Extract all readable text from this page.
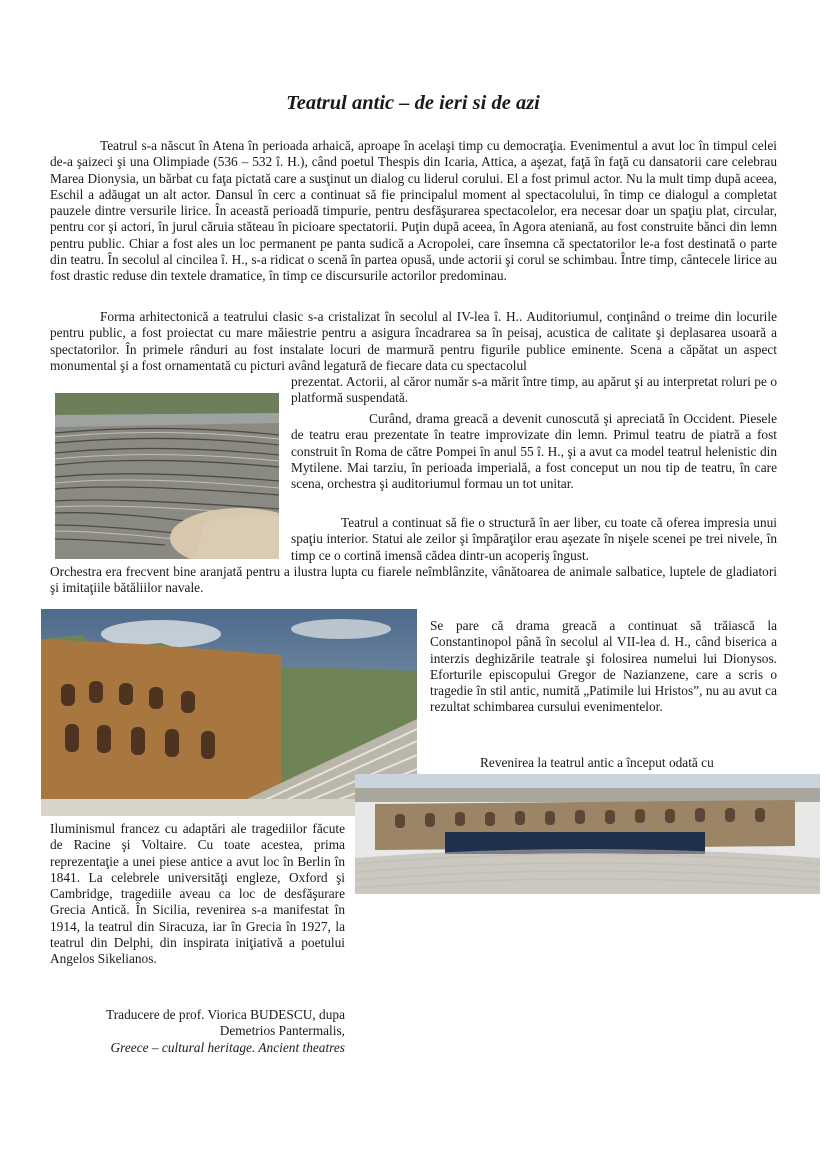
Teatrul antic – de ieri si de azi

Teatrul s-a născut în Atena în perioada arhaică, aproape în acelaşi timp cu democraţia. Evenimentul a avut loc în timpul celei de-a şaizeci şi una Olimpiade (536 – 532 î. H.), când poetul Thespis din Icaria, Attica, a aşezat, faţă în faţă cu dansatorii care celebrau Marea Dionysia, un bărbat cu faţa pictată care a susţinut un dialog cu liderul corului. El a fost primul actor. Nu la mult timp după aceea, Eschil a adăugat un alt actor. Dansul în cerc a continuat să fie principalul moment al spectacolului, în timp ce dialogul a completat pauzele dintre versurile lirice. În această perioadă timpurie, pentru desfăşurarea spectacolelor, era necesar doar un spaţiu plat, circular, pentru cor şi actori, în jurul căruia stăteau în picioare spectatorii. Puţin după aceea, în Agora ateniană, au fost construite bănci din lemn pentru public. Chiar a fost ales un loc permanent pe panta sudică a Acropolei, care însemna că spectatorilor le-a fost destinată o parte din teatru. În secolul al cincilea î. H., s-a ridicat o scenă în partea opusă, unde actorii şi corul se schimbau. Între timp, cântecele lirice au fost drastic reduse din textele dramatice, în timp ce discursurile actorilor predominau.

Forma arhitectonică a teatrului clasic s-a cristalizat în secolul al IV-lea î. H.. Auditoriumul, conţinând o treime din locurile pentru public, a fost proiectat cu mare măiestrie pentru a asigura încadrarea sa în peisaj, acustica de calitate şi deplasarea usoară a spectatorilor. În primele rânduri au fost instalate locuri de marmură pentru figurile publice eminente. Scena a căpătat un aspect monumental şi a fost ornamentată cu picturi având legatură de fiecare data cu spectacolul

prezentat. Actorii, al căror număr s-a mărit între timp, au apărut şi au interpretat roluri pe o platformă suspendată.

Curând, drama greacă a devenit cunoscută şi apreciată în Occident. Piesele de teatru erau prezentate în teatre improvizate din lemn. Primul teatru de piatră a fost construit în Roma de către Pompei în anul 55 î. H., şi a avut ca model teatrul helenistic din Mytilene. Mai tarziu, în perioada imperială, a fost conceput un nou tip de teatru, în care scena, orchestra şi auditoriumul formau un tot unitar.

Teatrul a continuat să fie o structură în aer liber, cu toate că oferea impresia unui spaţiu interior. Statui ale zeilor şi împăraţilor erau aşezate în nişele scenei pe trei nivele, în timp ce o cortină imensă cădea dintr-un acoperiş îngust.

Orchestra era frecvent bine aranjată pentru a ilustra lupta cu fiarele neîmblânzite, vânătoarea de animale salbatice, luptele de gladiatori şi imitaţiile bătăliilor navale.

Se pare că drama greacă a continuat să trăiască la Constantinopol până în secolul al VII-lea d. H., când biserica a interzis deghizările teatrale şi folosirea numelui lui Dionysos. Eforturile episcopului Gregor de Nazianzene, care a scris o tragedie în stil antic, numită „Patimile lui Hristos”, nu au avut ca rezultat schimbarea cursului evenimentelor.

Revenirea la teatrul antic a început odată cu

Iluminismul francez cu adaptări ale tragediilor făcute de Racine şi Voltaire. Cu toate acestea, prima reprezentaţie a unei piese antice a avut loc în Berlin în 1841. La celebrele universităţi engleze, Oxford şi Cambridge, tragediile aveau ca loc de desfăşurare Grecia Antică. În Sicilia, revenirea s-a manifestat în 1914, la teatrul din Siracuza, iar în Grecia în 1927, la teatrul din Delphi, din inspirata iniţiativă a poetului Angelos Sikelianos.

Traducere de prof. Viorica BUDESCU, dupa
Demetrios Pantermalis,
Greece – cultural heritage. Ancient theatres
